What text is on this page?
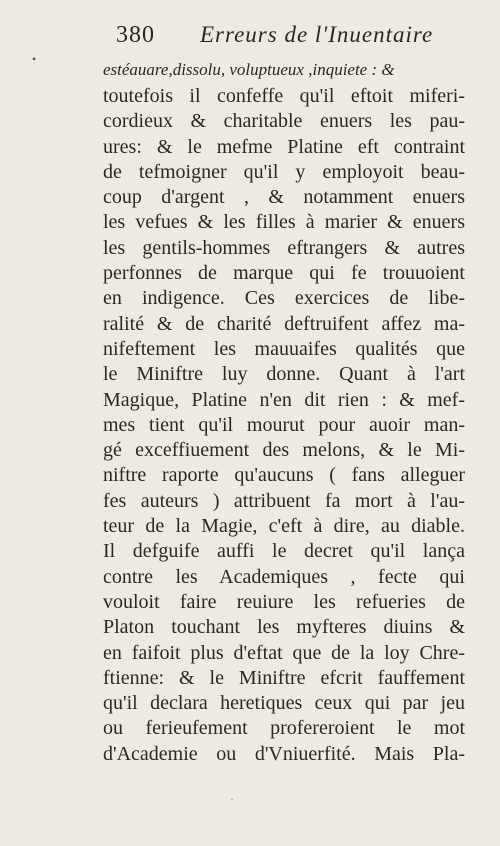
•
380 Erreurs de l'Inuentaire
estéauare,dissolu, voluptueux ,inquiete : &
toutefois il confeffe qu'il eftoit miferi-
cordieux & charitable enuers les pau-
ures: & le mefme Platine eft contraint
de tefmoigner qu'il y employoit beau-
coup d'argent , & notamment enuers
les vefues & les filles à marier & enuers
les gentils-hommes eftrangers & autres
perfonnes de marque qui fe trouuoient
en indigence. Ces exercices de libe-
ralité & de charité deftruifent affez ma-
nifeftement les mauuaifes qualités que
le Miniftre luy donne. Quant à l'art
Magique, Platine n'en dit rien : & mef-
mes tient qu'il mourut pour auoir man-
gé exceffiuement des melons, & le Mi-
niftre raporte qu'aucuns ( fans alleguer
fes auteurs ) attribuent fa mort à l'au-
teur de la Magie, c'eft à dire, au diable.
Il defguife auffi le decret qu'il lança
contre les Academiques , fecte qui
vouloit faire reuiure les refueries de
Platon touchant les myfteres diuins &
en faifoit plus d'eftat que de la loy Chre-
ftienne: & le Miniftre efcrit fauffement
qu'il declara heretiques ceux qui par jeu
ou ferieufement profereroient le mot
d'Academie ou d'Vniuerfité. Mais Pla-
·
